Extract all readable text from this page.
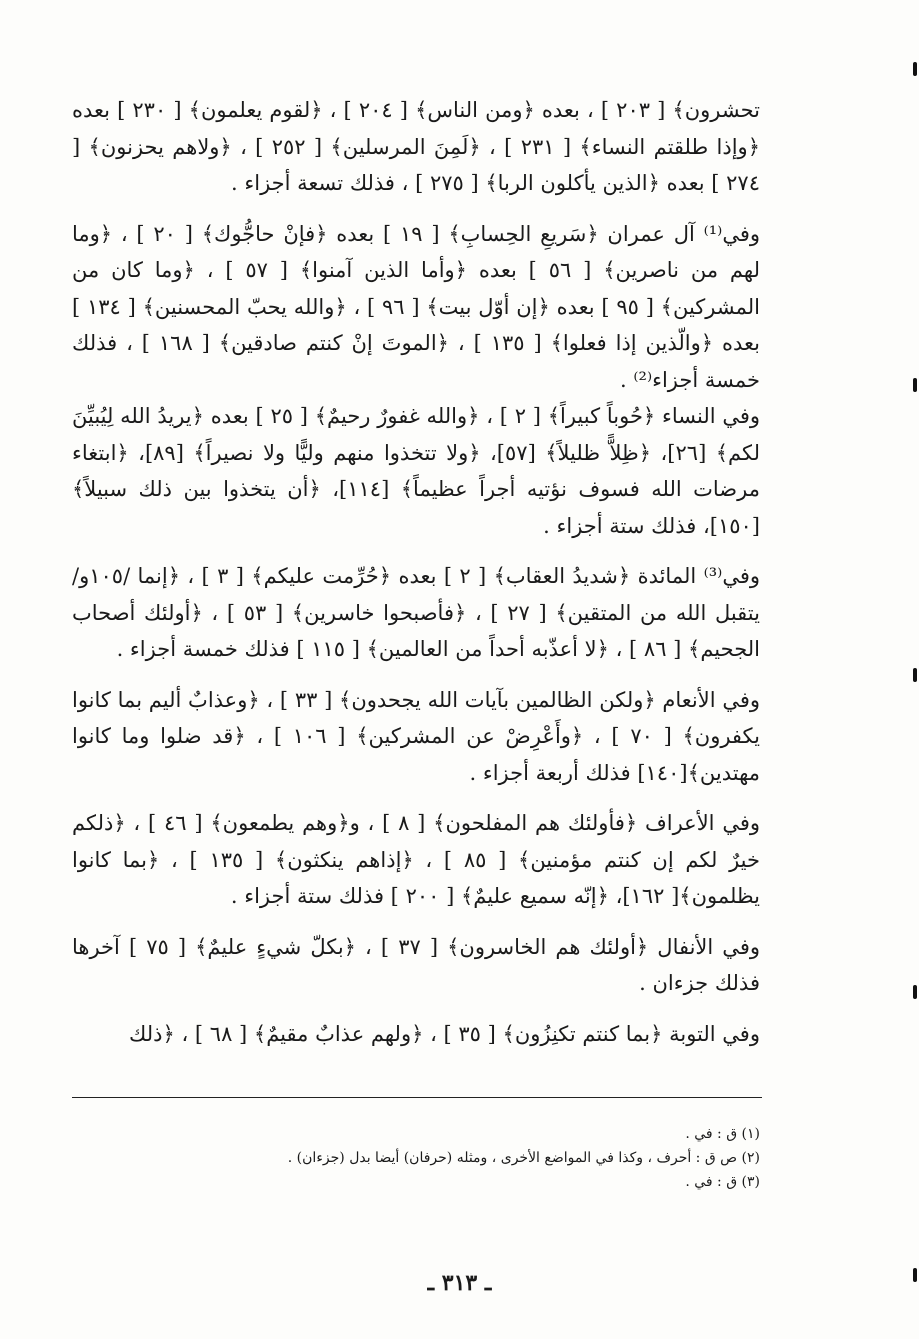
تحشرون﴾ [ ٢٠٣ ] ، بعده ﴿ومن الناس﴾ [ ٢٠٤ ] ، ﴿لقوم يعلمون﴾ [ ٢٣٠ ] بعده ﴿وإذا طلقتم النساء﴾ [ ٢٣١ ] ، ﴿لَمِنَ المرسلين﴾ [ ٢٥٢ ] ، ﴿ولاهم يحزنون﴾ [ ٢٧٤ ] بعده ﴿الذين يأكلون الربا﴾ [ ٢٧٥ ] ، فذلك تسعة أجزاء .

وفي⁽¹⁾ آل عمران ﴿سَريعِ الحِسابِ﴾ [ ١٩ ] بعده ﴿فإنْ حاجُّوك﴾ [ ٢٠ ] ، ﴿وما لهم من ناصرين﴾ [ ٥٦ ] بعده ﴿وأما الذين آمنوا﴾ [ ٥٧ ] ، ﴿وما كان من المشركين﴾ [ ٩٥ ] بعده ﴿إن أوّل بيت﴾ [ ٩٦ ] ، ﴿والله يحبّ المحسنين﴾ [ ١٣٤ ] بعده ﴿والّذين إذا فعلوا﴾ [ ١٣٥ ] ، ﴿الموتَ إنْ كنتم صادقين﴾ [ ١٦٨ ] ، فذلك خمسة أجزاء⁽²⁾ .

وفي النساء ﴿حُوباً كبيراً﴾ [ ٢ ] ، ﴿والله غفورٌ رحيمٌ﴾ [ ٢٥ ] بعده ﴿يريدُ الله لِيُبيِّنَ لكم﴾ [٢٦]، ﴿ظِلاًّ ظليلاً﴾ [٥٧]، ﴿ولا تتخذوا منهم وليًّا ولا نصيراً﴾ [٨٩]، ﴿ابتغاء مرضات الله فسوف نؤتيه أجراً عظيماً﴾ [١١٤]، ﴿أن يتخذوا بين ذلك سبيلاً﴾ [١٥٠]، فذلك ستة أجزاء .

وفي⁽³⁾ المائدة ﴿شديدُ العقاب﴾ [ ٢ ] بعده ﴿حُرِّمت عليكم﴾ [ ٣ ] ، ﴿إنما /١٠٥و/ يتقبل الله من المتقين﴾ [ ٢٧ ] ، ﴿فأصبحوا خاسرين﴾ [ ٥٣ ] ، ﴿أولئك أصحاب الجحيم﴾ [ ٨٦ ] ، ﴿لا أعذّبه أحداً من العالمين﴾ [ ١١٥ ] فذلك خمسة أجزاء .

وفي الأنعام ﴿ولكن الظالمين بآيات الله يجحدون﴾ [ ٣٣ ] ، ﴿وعذابٌ أليم بما كانوا يكفرون﴾ [ ٧٠ ] ، ﴿وأَعْرِضْ عن المشركين﴾ [ ١٠٦ ] ، ﴿قد ضلوا وما كانوا مهتدين﴾[١٤٠] فذلك أربعة أجزاء .

وفي الأعراف ﴿فأولئك هم المفلحون﴾ [ ٨ ] ، و﴿وهم يطمعون﴾ [ ٤٦ ] ، ﴿ذلكم خيرٌ لكم إن كنتم مؤمنين﴾ [ ٨٥ ] ، ﴿إذاهم ينكثون﴾ [ ١٣٥ ] ، ﴿بما كانوا يظلمون﴾[ ١٦٢]، ﴿إنّه سميع عليمٌ﴾ [ ٢٠٠ ] فذلك ستة أجزاء .

وفي الأنفال ﴿أولئك هم الخاسرون﴾ [ ٣٧ ] ، ﴿بكلّ شيءٍ عليمٌ﴾ [ ٧٥ ] آخرها فذلك جزءان .

وفي التوبة ﴿بما كنتم تكنِزُون﴾ [ ٣٥ ] ، ﴿ولهم عذابٌ مقيمٌ﴾ [ ٦٨ ] ، ﴿ذلك

(١) ق : في .
(٢) ص ق : أحرف ، وكذا في المواضع الأخرى ، ومثله (حرفان) أيضا بدل (جزءان) .
(٣) ق : في .
ـ ٣١٣ ـ
